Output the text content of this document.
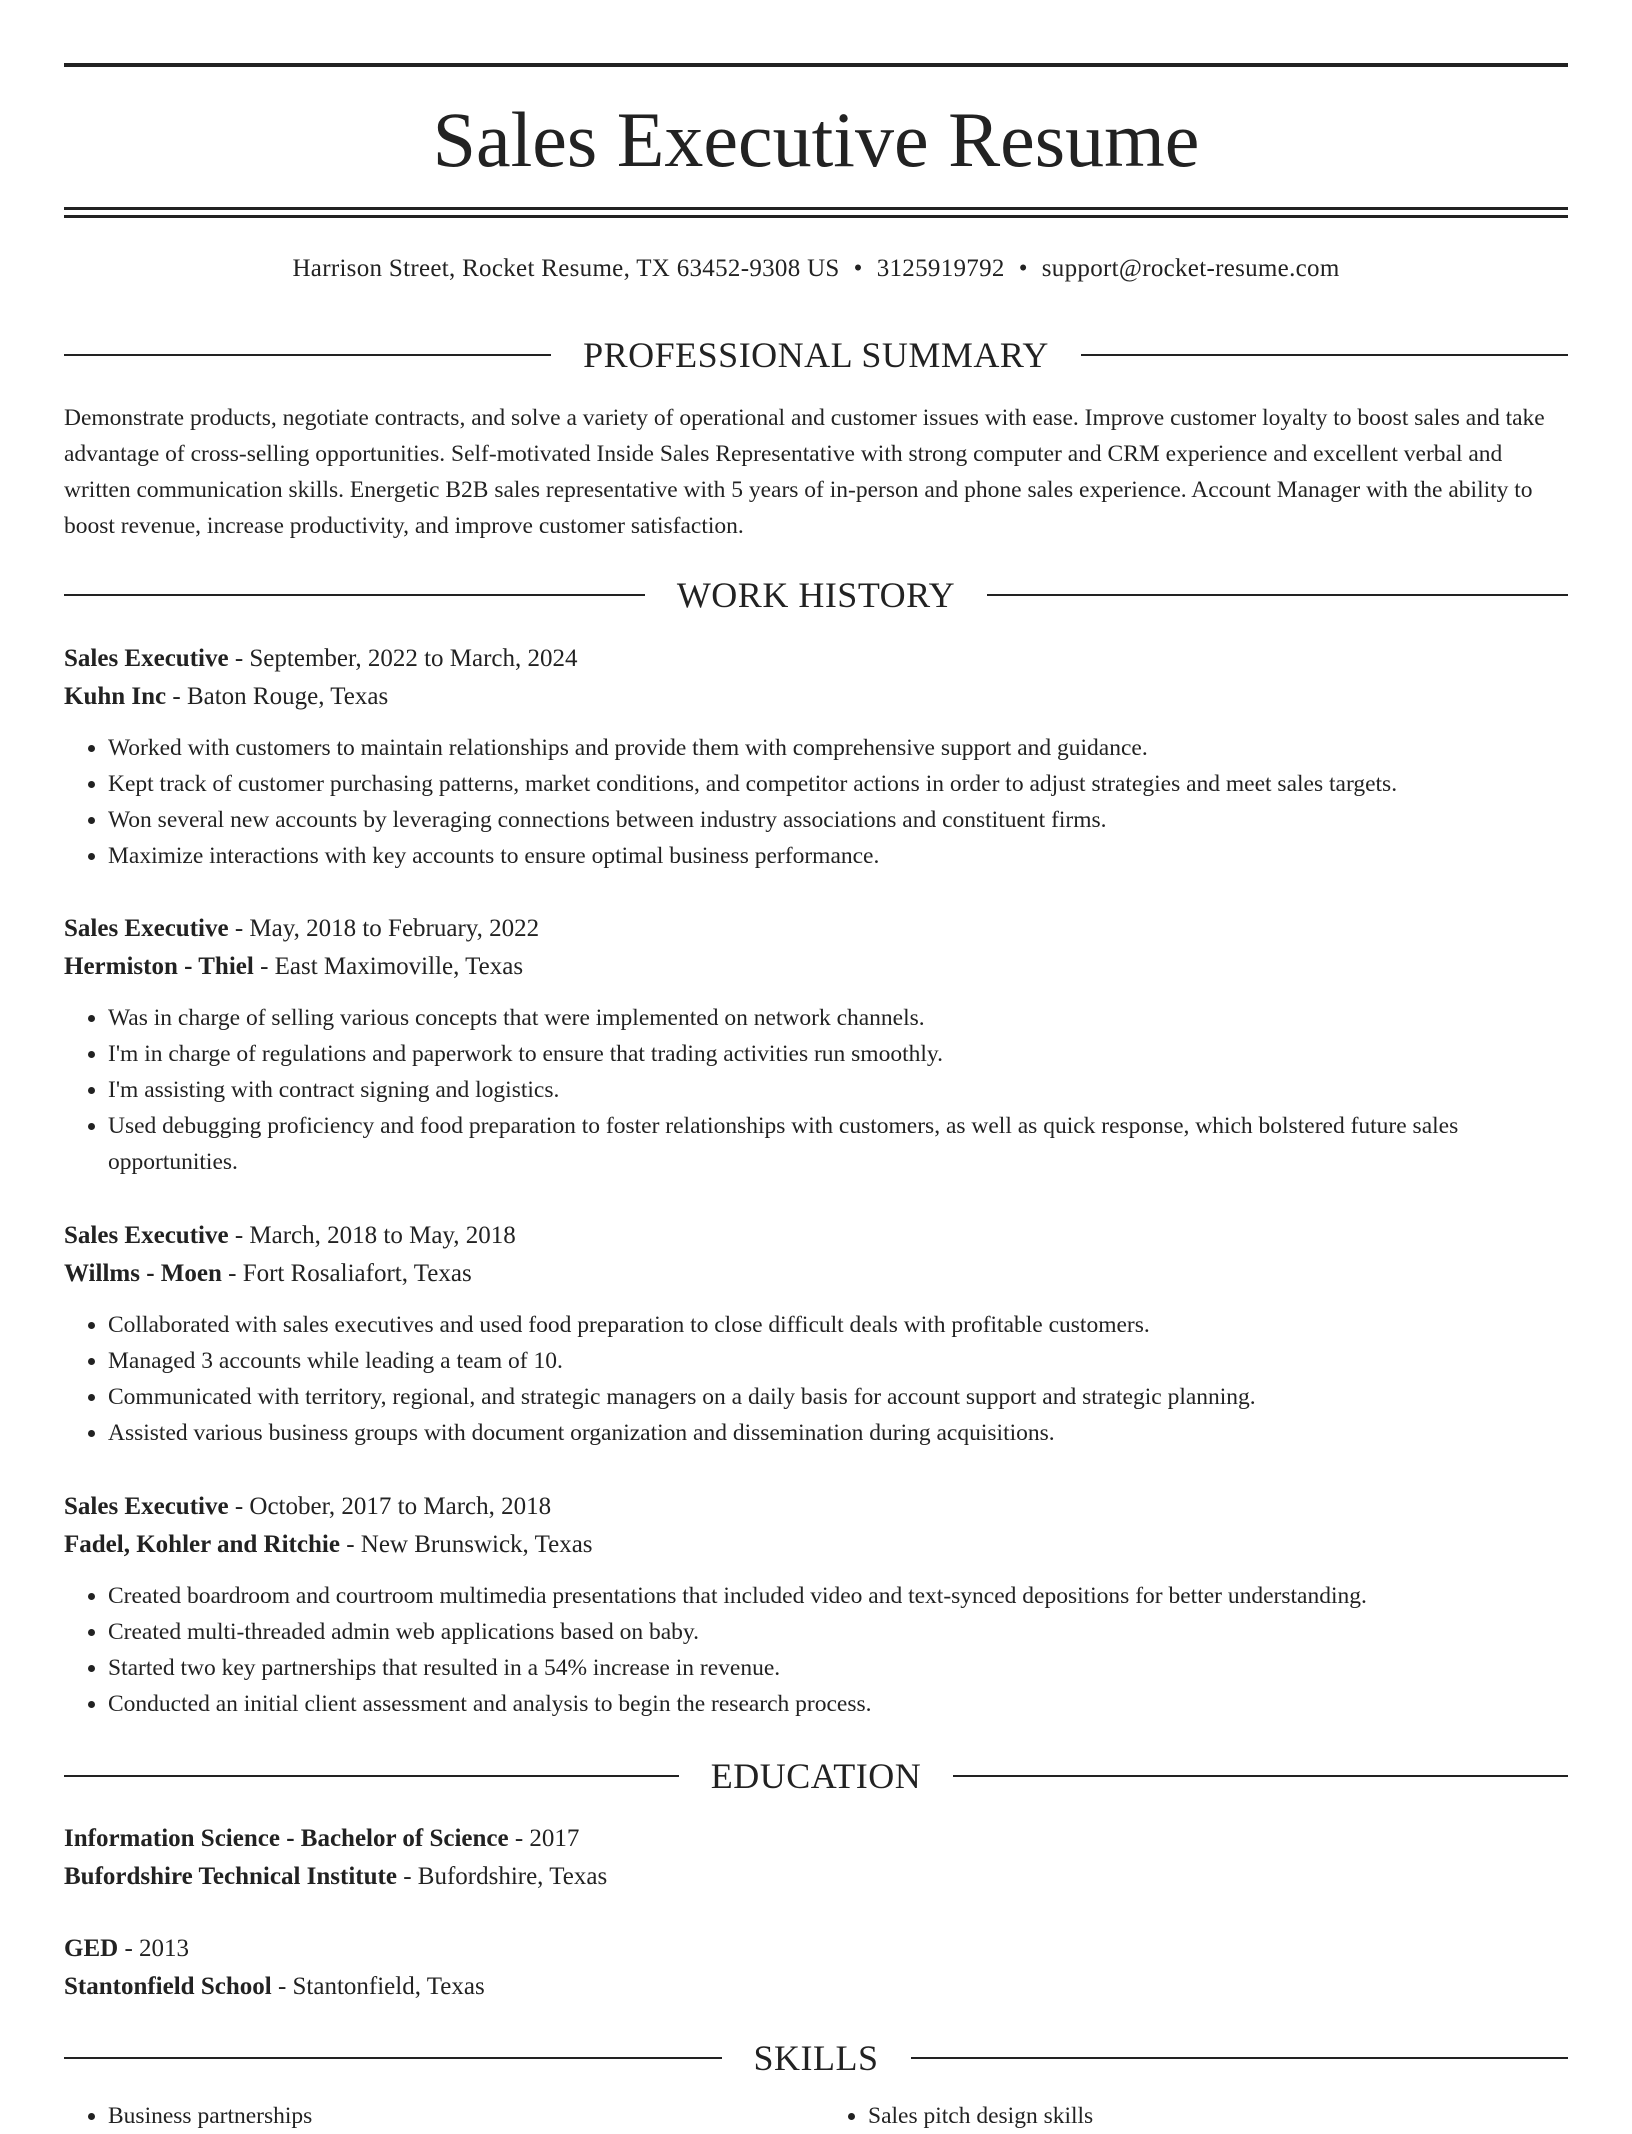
Sales Executive Resume
Harrison Street, Rocket Resume, TX 63452-9308 US • 3125919792 • support@rocket-resume.com
PROFESSIONAL SUMMARY
Demonstrate products, negotiate contracts, and solve a variety of operational and customer issues with ease. Improve customer loyalty to boost sales and take advantage of cross-selling opportunities. Self-motivated Inside Sales Representative with strong computer and CRM experience and excellent verbal and written communication skills. Energetic B2B sales representative with 5 years of in-person and phone sales experience. Account Manager with the ability to boost revenue, increase productivity, and improve customer satisfaction.
WORK HISTORY
Sales Executive - September, 2022 to March, 2024
Kuhn Inc - Baton Rouge, Texas
• Worked with customers to maintain relationships and provide them with comprehensive support and guidance.
• Kept track of customer purchasing patterns, market conditions, and competitor actions in order to adjust strategies and meet sales targets.
• Won several new accounts by leveraging connections between industry associations and constituent firms.
• Maximize interactions with key accounts to ensure optimal business performance.
Sales Executive - May, 2018 to February, 2022
Hermiston - Thiel - East Maximoville, Texas
• Was in charge of selling various concepts that were implemented on network channels.
• I'm in charge of regulations and paperwork to ensure that trading activities run smoothly.
• I'm assisting with contract signing and logistics.
• Used debugging proficiency and food preparation to foster relationships with customers, as well as quick response, which bolstered future sales opportunities.
Sales Executive - March, 2018 to May, 2018
Willms - Moen - Fort Rosaliafort, Texas
• Collaborated with sales executives and used food preparation to close difficult deals with profitable customers.
• Managed 3 accounts while leading a team of 10.
• Communicated with territory, regional, and strategic managers on a daily basis for account support and strategic planning.
• Assisted various business groups with document organization and dissemination during acquisitions.
Sales Executive - October, 2017 to March, 2018
Fadel, Kohler and Ritchie - New Brunswick, Texas
• Created boardroom and courtroom multimedia presentations that included video and text-synced depositions for better understanding.
• Created multi-threaded admin web applications based on baby.
• Started two key partnerships that resulted in a 54% increase in revenue.
• Conducted an initial client assessment and analysis to begin the research process.
EDUCATION
Information Science - Bachelor of Science - 2017
Bufordshire Technical Institute - Bufordshire, Texas
GED - 2013
Stantonfield School - Stantonfield, Texas
SKILLS
• Business partnerships
•	Sales pitch design skills
